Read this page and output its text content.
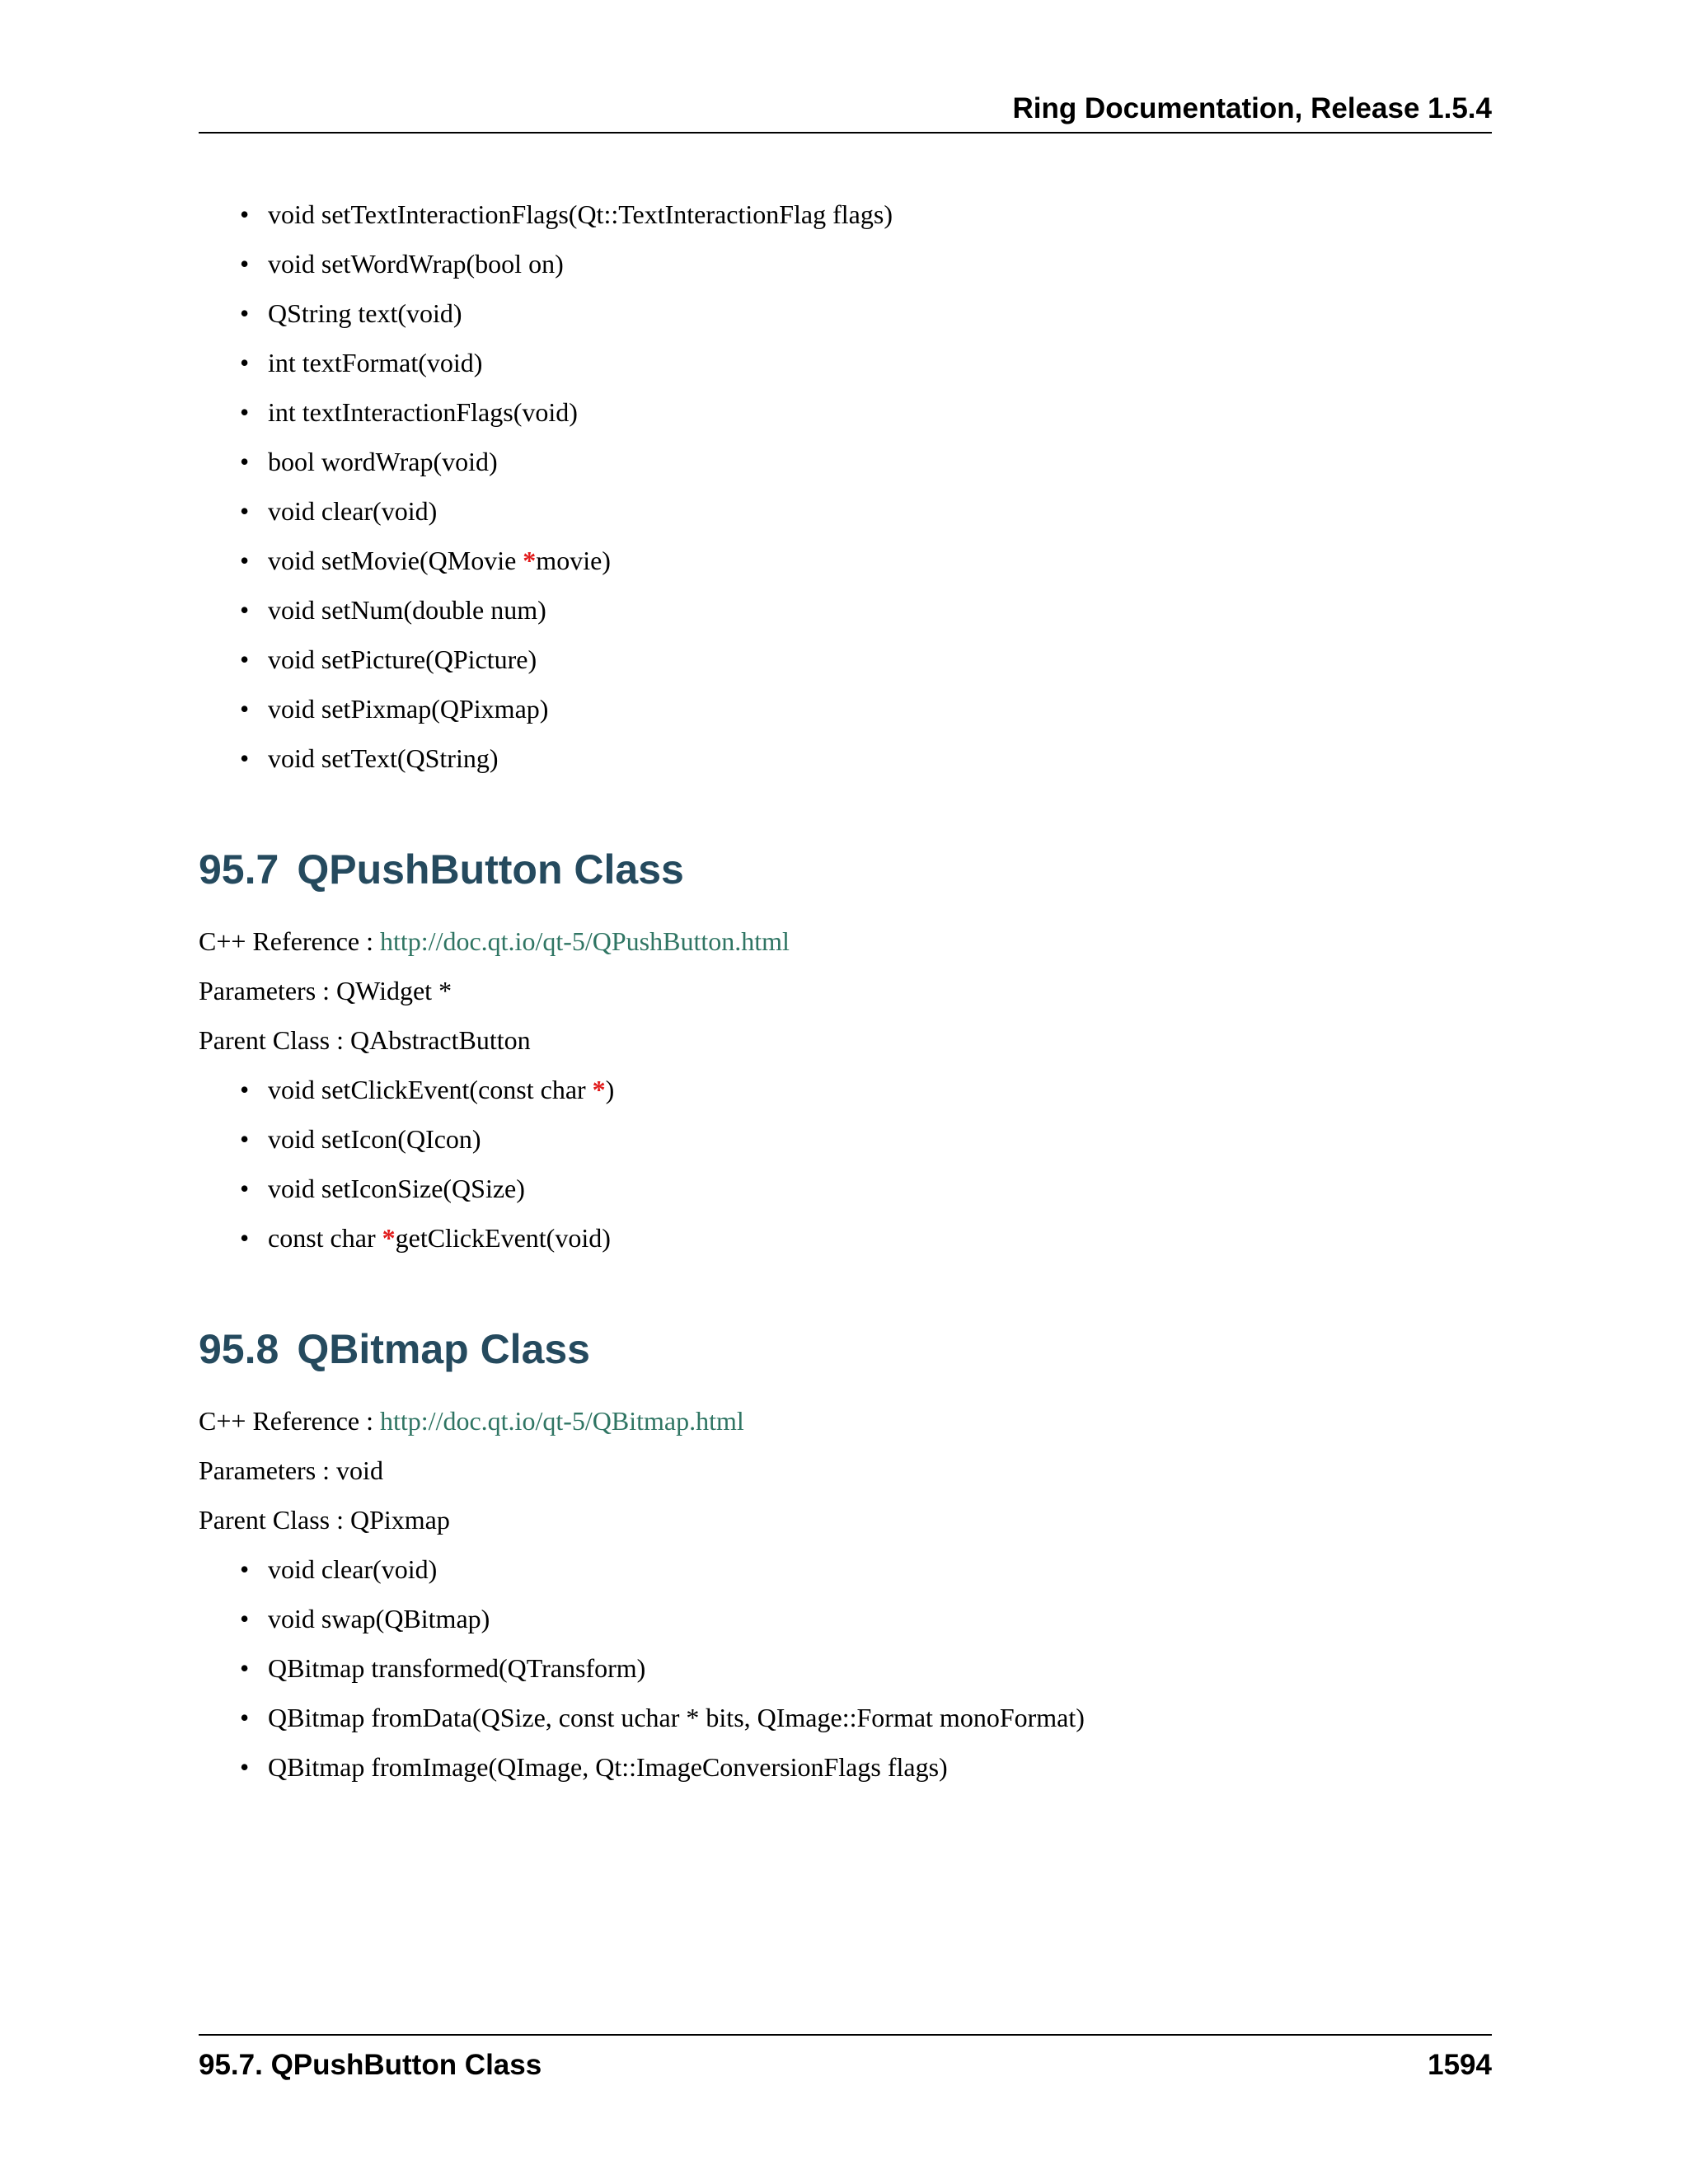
Ring Documentation, Release 1.5.4
• void setTextInteractionFlags(Qt::TextInteractionFlag flags)
• void setWordWrap(bool on)
• QString text(void)
• int textFormat(void)
• int textInteractionFlags(void)
• bool wordWrap(void)
• void clear(void)
• void setMovie(QMovie *movie)
• void setNum(double num)
• void setPicture(QPicture)
• void setPixmap(QPixmap)
• void setText(QString)
95.7 QPushButton Class
C++ Reference : http://doc.qt.io/qt-5/QPushButton.html
Parameters : QWidget *
Parent Class : QAbstractButton
• void setClickEvent(const char *)
• void setIcon(QIcon)
• void setIconSize(QSize)
• const char *getClickEvent(void)
95.8 QBitmap Class
C++ Reference : http://doc.qt.io/qt-5/QBitmap.html
Parameters : void
Parent Class : QPixmap
• void clear(void)
• void swap(QBitmap)
• QBitmap transformed(QTransform)
• QBitmap fromData(QSize, const uchar * bits, QImage::Format monoFormat)
• QBitmap fromImage(QImage, Qt::ImageConversionFlags flags)
95.7. QPushButton Class	1594
